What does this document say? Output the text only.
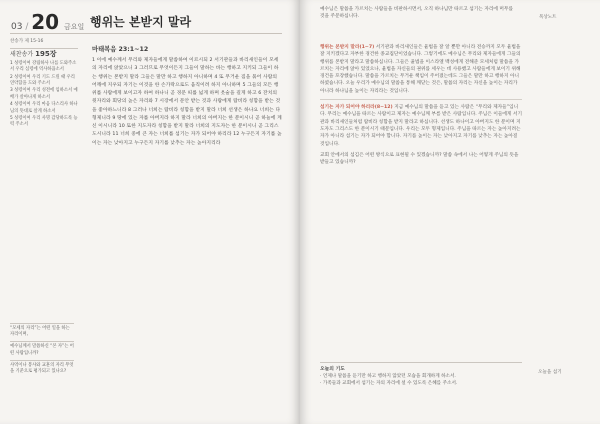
03 / 20 금요일 행위는 본받지 말라
찬송가 제 15-16
새찬송가 195장
1 성령이여 강림하사 나를 도와주소서 우리 심령에 역사하옵소서
2 성령이여 우리 기도 드릴 때 우리 연약함을 도와 주소서
3 성령이여 우리 성전에 임하소서 예배가 살아나게 하소서
4 성령이여 우리 마음 다스리사 하나님의 뜻대로 살게 하소서
5 성령이여 우리 사명 감당하도록 능력 주소서
“모세의 자리”는 어떤 일을 하는 자리이며,
예수님께서 말씀하신 “본 자”는 어떤 사람입니까?
사역이나 봉사와 교훈의 자리 무엇을 기준으로 평가되고 있나요?
마태복음 23:1~12
1 이에 예수께서 무리와 제자들에게 말씀하여 이르시되 2 서기관들과 바리새인들이 모세의 자리에 앉았으니 3 그러므로 무엇이든지 그들이 말하는 바는 행하고 지키되 그들이 하는 행위는 본받지 말라 그들은 말만 하고 행하지 아니하며 4 또 무거운 짐을 묶어 사람의 어깨에 지우되 자기는 이것을 한 손가락으로도 움직이려 하지 아니하며 5 그들의 모든 행위를 사람에게 보이고자 하여 하나니 곧 경문 띠를 넓게 하며 옷술을 길게 하고 6 잔치의 윗자리와 회당의 높은 자리와 7 시장에서 문안 받는 것과 사람에게 랍비라 칭함을 받는 것을 좋아하느니라 8 그러나 너희는 랍비라 칭함을 받지 말라 너희 선생은 하나요 너희는 다 형제니라 9 땅에 있는 자를 아버지라 하지 말라 너희의 아버지는 한 분이시니 곧 하늘에 계신 이시니라 10 또한 지도자라 칭함을 받지 말라 너희의 지도자는 한 분이시니 곧 그리스도시니라 11 너희 중에 큰 자는 너희를 섬기는 자가 되어야 하리라 12 누구든지 자기를 높이는 자는 낮아지고 누구든지 자기를 낮추는 자는 높아지리라
예수님은 말씀을 가르치는 사람들을 비판하시면서, 오직 하나님만 따르고 섬기는 자리에 머무를 것을 주문하십니다.	묵상노트

행위는 본받지 말라(1~7) 서기관과 바리새인들은 율법을 잘 알 뿐만 아니라 전승까지 모두 율법을 잘 지키겠다고 자부한 경건한 종교집단이었습니다. 그렇기에도 예수님은 무리와 제자들에게 그들의 행위를 본받지 말라고 말씀하십니다. 그들은 율법을 이스라엘 백성에게 전해준 모세처럼 말씀을 가르치는 자리에 앉아 있었으나, 율법을 자신들의 권위를 세우는 데 사용했고 사람들에게 보이기 위해 경건을 포장했습니다. 말씀을 가르치는 무거운 책임이 주어졌는데도 그들은 말만 하고 행하지 아니하였습니다. 오늘 우리가 예수님의 말씀을 통해 깨닫는 것은, 말씀의 자리는 자신을 높이는 자리가 아니라 하나님을 높이는 자리라는 것입니다.

섬기는 자가 되어야 하리라(8~12) 지금 예수님의 말씀을 듣고 있는 사람은 “무리와 제자들”입니다. 무리는 예수님을 따르는 사람이고 제자는 예수님께 부름 받은 사람입니다. 주님은 이들에게 서기관과 바리새인들처럼 랍비라 칭함을 받지 말라고 하십니다. 선생도 하나이고 아버지도 한 분이며 지도자도 그리스도 한 분이시기 때문입니다. 우리는 모두 형제입니다. 주님을 따르는 자는 높아지려는 자가 아니라 섬기는 자가 되어야 합니다. 자기를 높이는 자는 낮아지고 자기를 낮추는 자는 높아질 것입니다.

교회 안에서의 섬김은 어떤 방식으로 표현될 수 있겠습니까? 말씀 속에서 나는 어떻게 주님의 뜻을 받들고 있습니까?

오늘의 기도
· 언제나 말씀을 듣기만 하고 행하지 않았던 모습을 회개하게 하소서.
· 가족들과 교회에서 섬기는 자의 자리에 설 수 있도록 은혜를 주소서.
오늘을 섬기
